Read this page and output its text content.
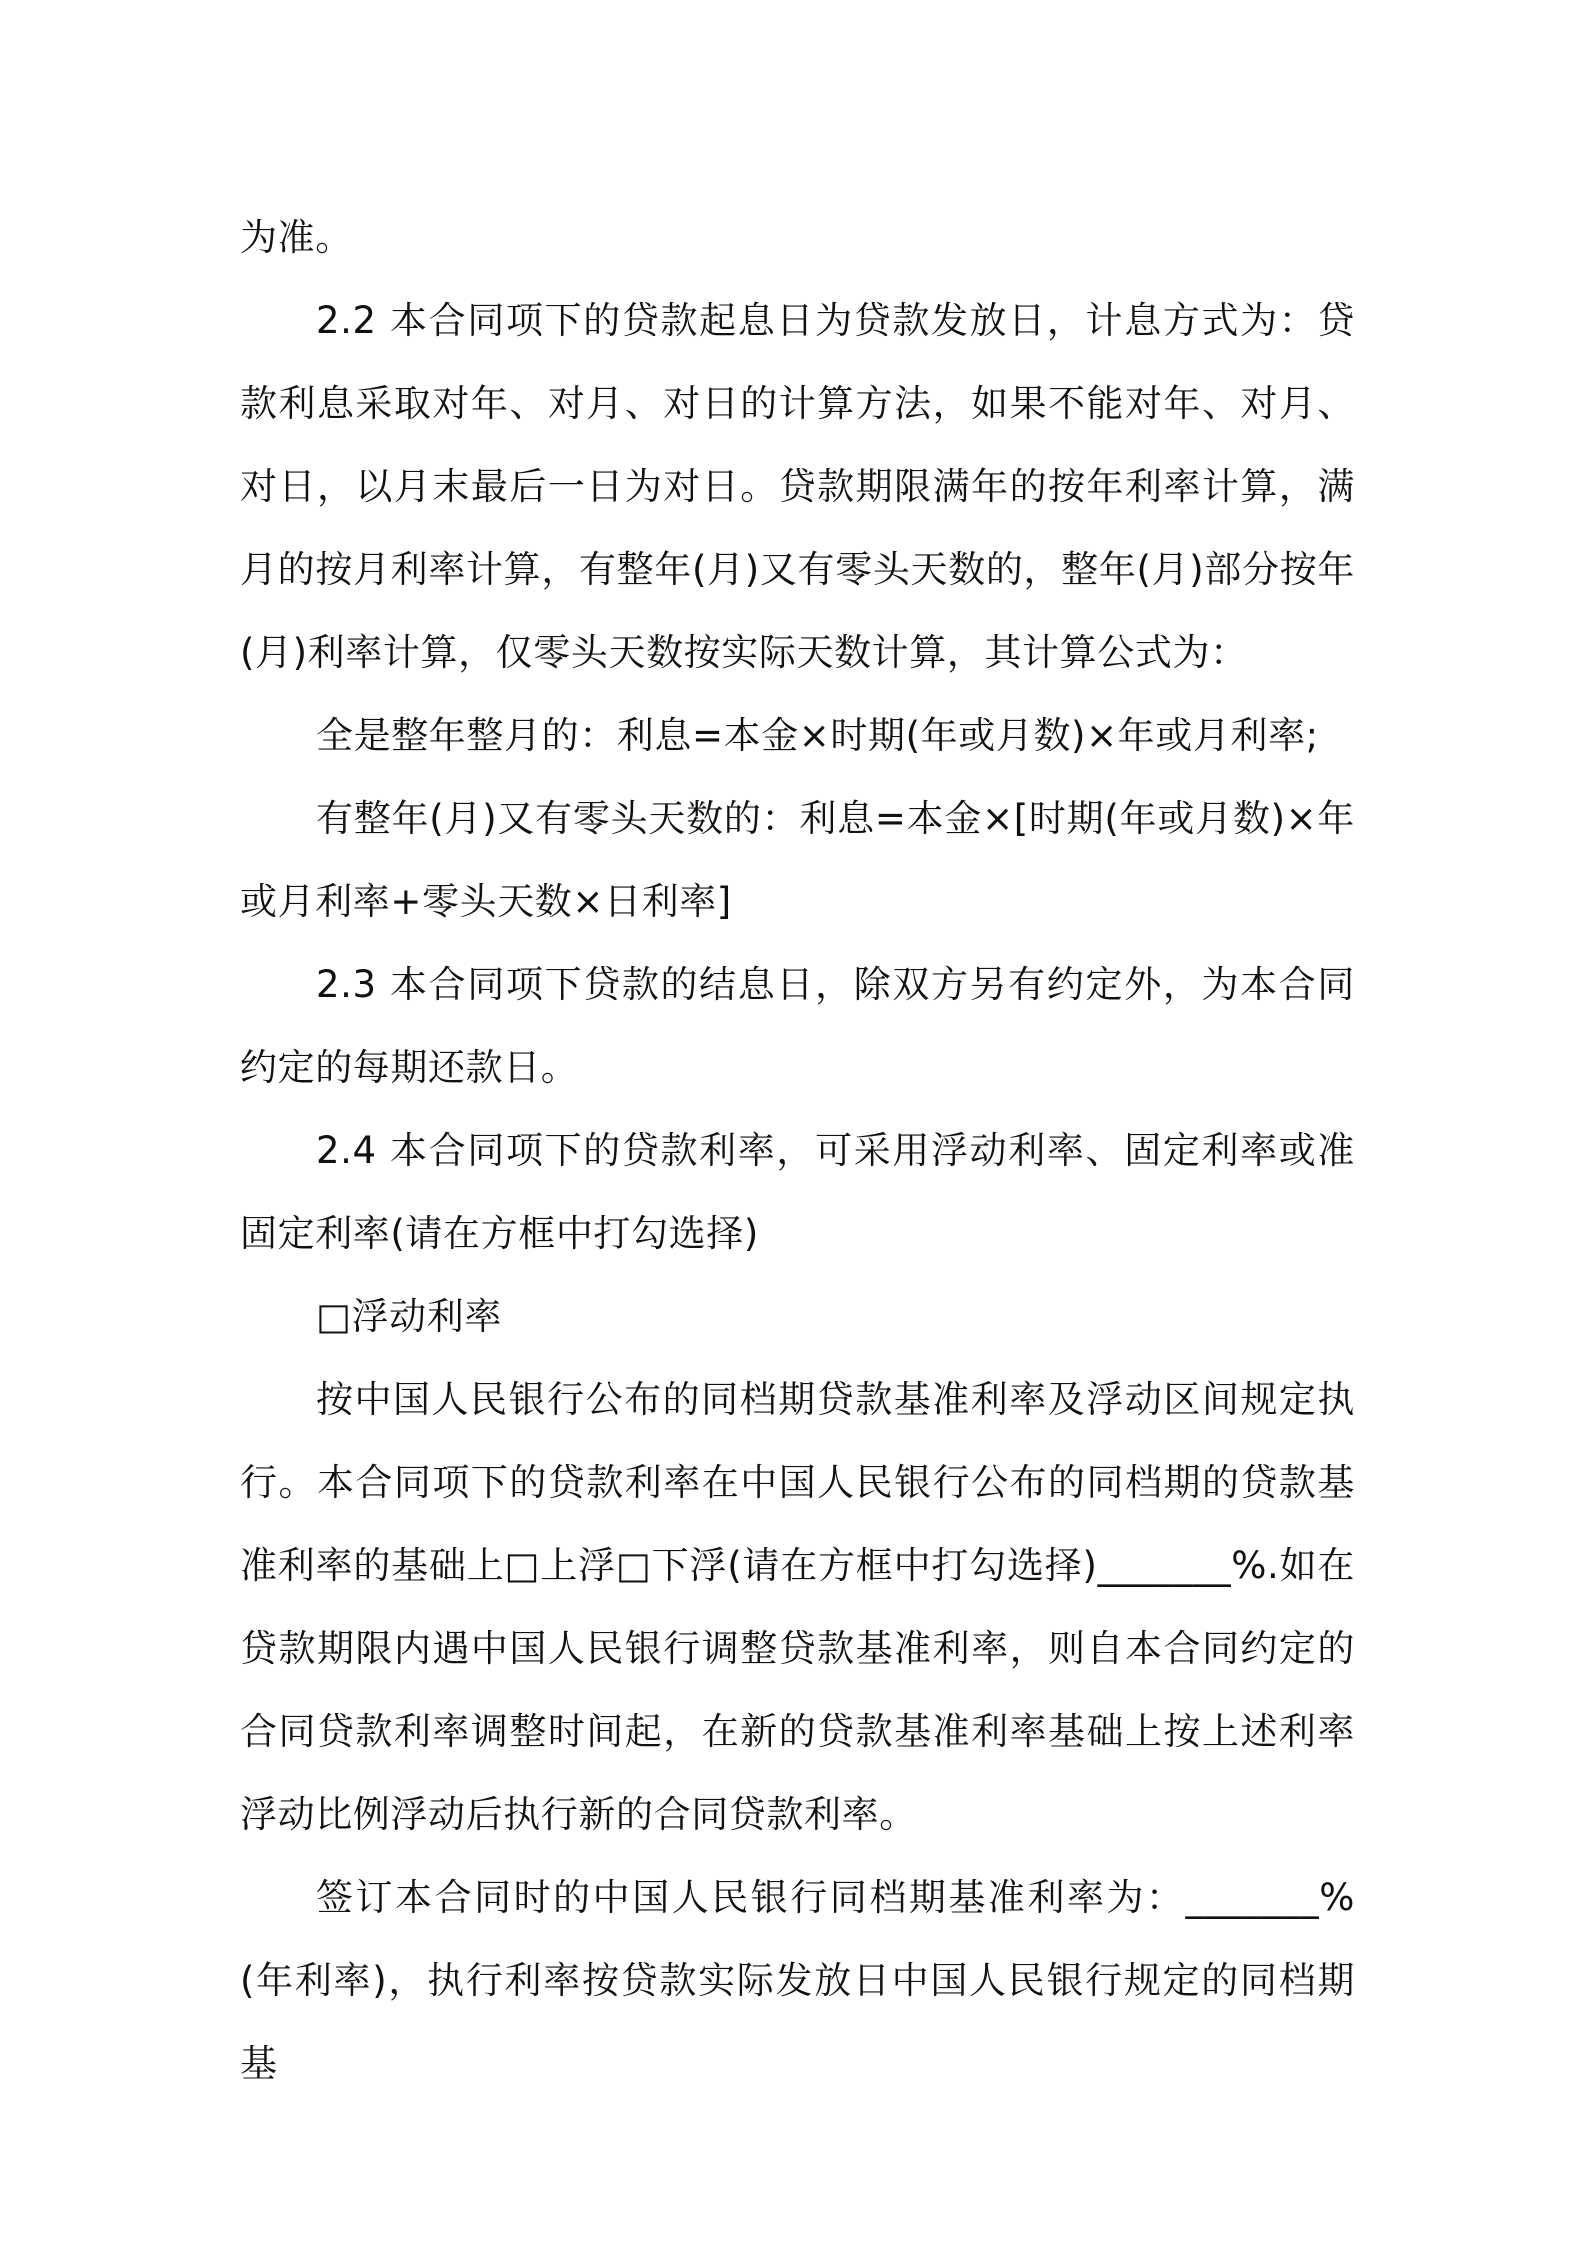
为准。

2.2 本合同项下的贷款起息日为贷款发放日，计息方式为：贷款利息采取对年、对月、对日的计算方法，如果不能对年、对月、对日，以月末最后一日为对日。贷款期限满年的按年利率计算，满月的按月利率计算，有整年(月)又有零头天数的，整年(月)部分按年(月)利率计算，仅零头天数按实际天数计算，其计算公式为：

全是整年整月的：利息=本金×时期(年或月数)×年或月利率;

有整年(月)又有零头天数的：利息=本金×[时期(年或月数)×年或月利率+零头天数×日利率]

2.3 本合同项下贷款的结息日，除双方另有约定外，为本合同约定的每期还款日。

2.4 本合同项下的贷款利率，可采用浮动利率、固定利率或准固定利率(请在方框中打勾选择)

□浮动利率

按中国人民银行公布的同档期贷款基准利率及浮动区间规定执行。本合同项下的贷款利率在中国人民银行公布的同档期的贷款基准利率的基础上□上浮□下浮(请在方框中打勾选择)_______%.如在贷款期限内遇中国人民银行调整贷款基准利率，则自本合同约定的合同贷款利率调整时间起，在新的贷款基准利率基础上按上述利率浮动比例浮动后执行新的合同贷款利率。

签订本合同时的中国人民银行同档期基准利率为：_______%(年利率)，执行利率按贷款实际发放日中国人民银行规定的同档期基
